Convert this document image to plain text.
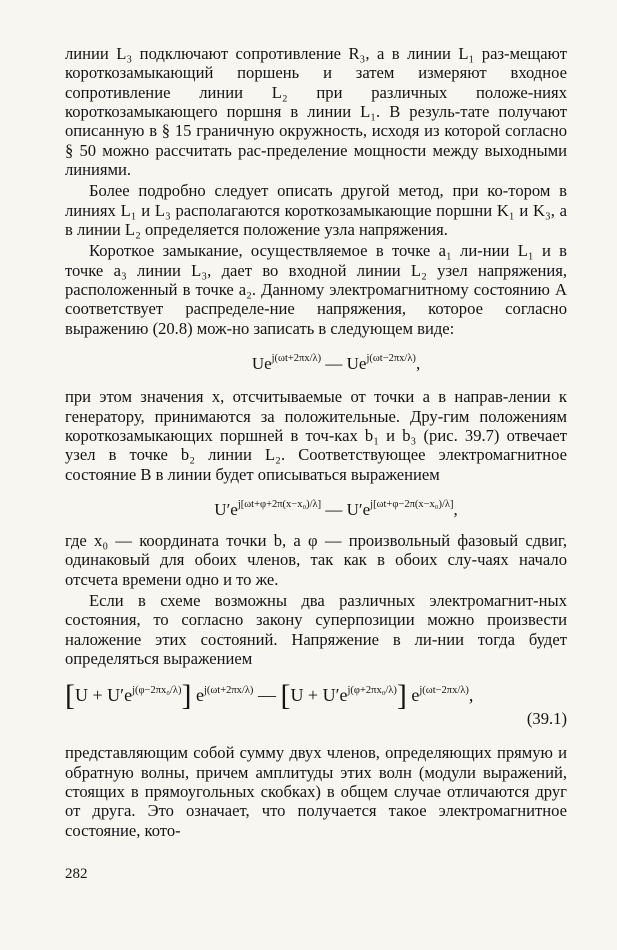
линии L₃ подключают сопротивление R₃, а в линии L₁ раз-мещают короткозамыкающий поршень и затем измеряют входное сопротивление линии L₂ при различных положе-ниях короткозамыкающего поршня в линии L₁. В резуль-тате получают описанную в § 15 граничную окружность, исходя из которой согласно § 50 можно рассчитать рас-пределение мощности между выходными линиями.

Более подробно следует описать другой метод, при ко-тором в линиях L₁ и L₃ располагаются короткозамыкающие поршни K₁ и K₃, а в линии L₂ определяется положение узла напряжения.

Короткое замыкание, осуществляемое в точке a₁ ли-нии L₁ и в точке a₃ линии L₃, дает во входной линии L₂ узел напряжения, расположенный в точке a₂. Данному электромагнитному состоянию A соответствует распределе-ние напряжения, которое согласно выражению (20.8) мож-но записать в следующем виде:

$Ue^{j(\omega t+2\pi x/\lambda)}$ — $Ue^{j(\omega t-2\pi x/\lambda)}$,

при этом значения x, отсчитываемые от точки a в направ-лении к генератору, принимаются за положительные. Дру-гим положениям короткозамыкающих поршней в точ-ках b₁ и b₃ (рис. 39.7) отвечает узел в точке b₂ линии L₂. Соответствующее электромагнитное состояние B в линии будет описываться выражением

$U'e^{j[\omega t+\varphi+2\pi(x-x_0)/\lambda]}$ — $U'e^{j[\omega t+\varphi-2\pi(x-x_0)/\lambda]}$,

где x₀ — координата точки b, а φ — произвольный фазовый сдвиг, одинаковый для обоих членов, так как в обоих слу-чаях начало отсчета времени одно и то же.

Если в схеме возможны два различных электромагнит-ных состояния, то согласно закону суперпозиции можно произвести наложение этих состояний. Напряжение в ли-нии тогда будет определяться выражением

$[U + U'e^{j(\varphi-2\pi x_0/\lambda)}]$ $e^{j(\omega t+2\pi x/\lambda)}$ — $[U + U'e^{j(\varphi+2\pi x_0/\lambda)}]$ $e^{j(\omega t-2\pi x/\lambda)}$,
(39.1)

представляющим собой сумму двух членов, определяющих прямую и обратную волны, причем амплитуды этих волн (модули выражений, стоящих в прямоугольных скобках) в общем случае отличаются друг от друга. Это означает, что получается такое электромагнитное состояние, кото-

282
